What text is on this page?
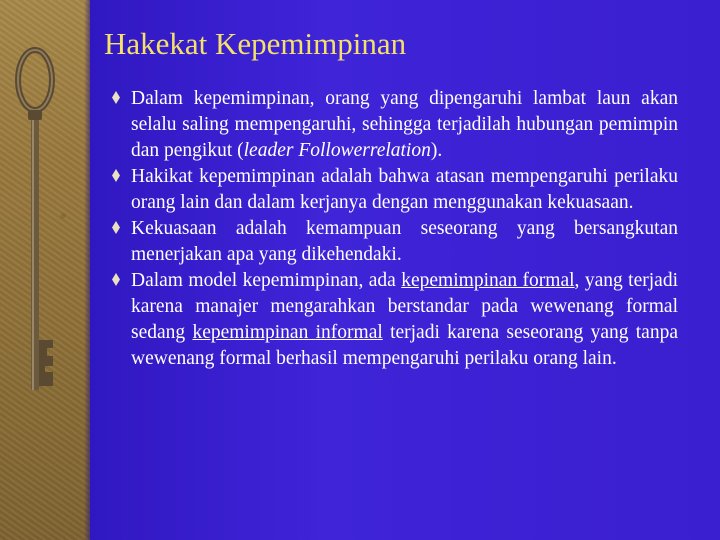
Hakekat Kepemimpinan
Dalam kepemimpinan, orang yang dipengaruhi lambat laun akan selalu saling mempengaruhi, sehingga terjadilah hubungan pemimpin dan pengikut (leader Followerrelation).
Hakikat kepemimpinan adalah bahwa atasan mempengaruhi perilaku orang lain dan dalam kerjanya dengan menggunakan kekuasaan.
Kekuasaan adalah kemampuan seseorang yang bersangkutan menerjakan apa yang dikehendaki.
Dalam model kepemimpinan, ada kepemimpinan formal, yang terjadi karena manajer mengarahkan berstandar pada wewenang formal sedang kepemimpinan informal terjadi karena seseorang yang tanpa wewenang formal berhasil mempengaruhi perilaku orang lain.
